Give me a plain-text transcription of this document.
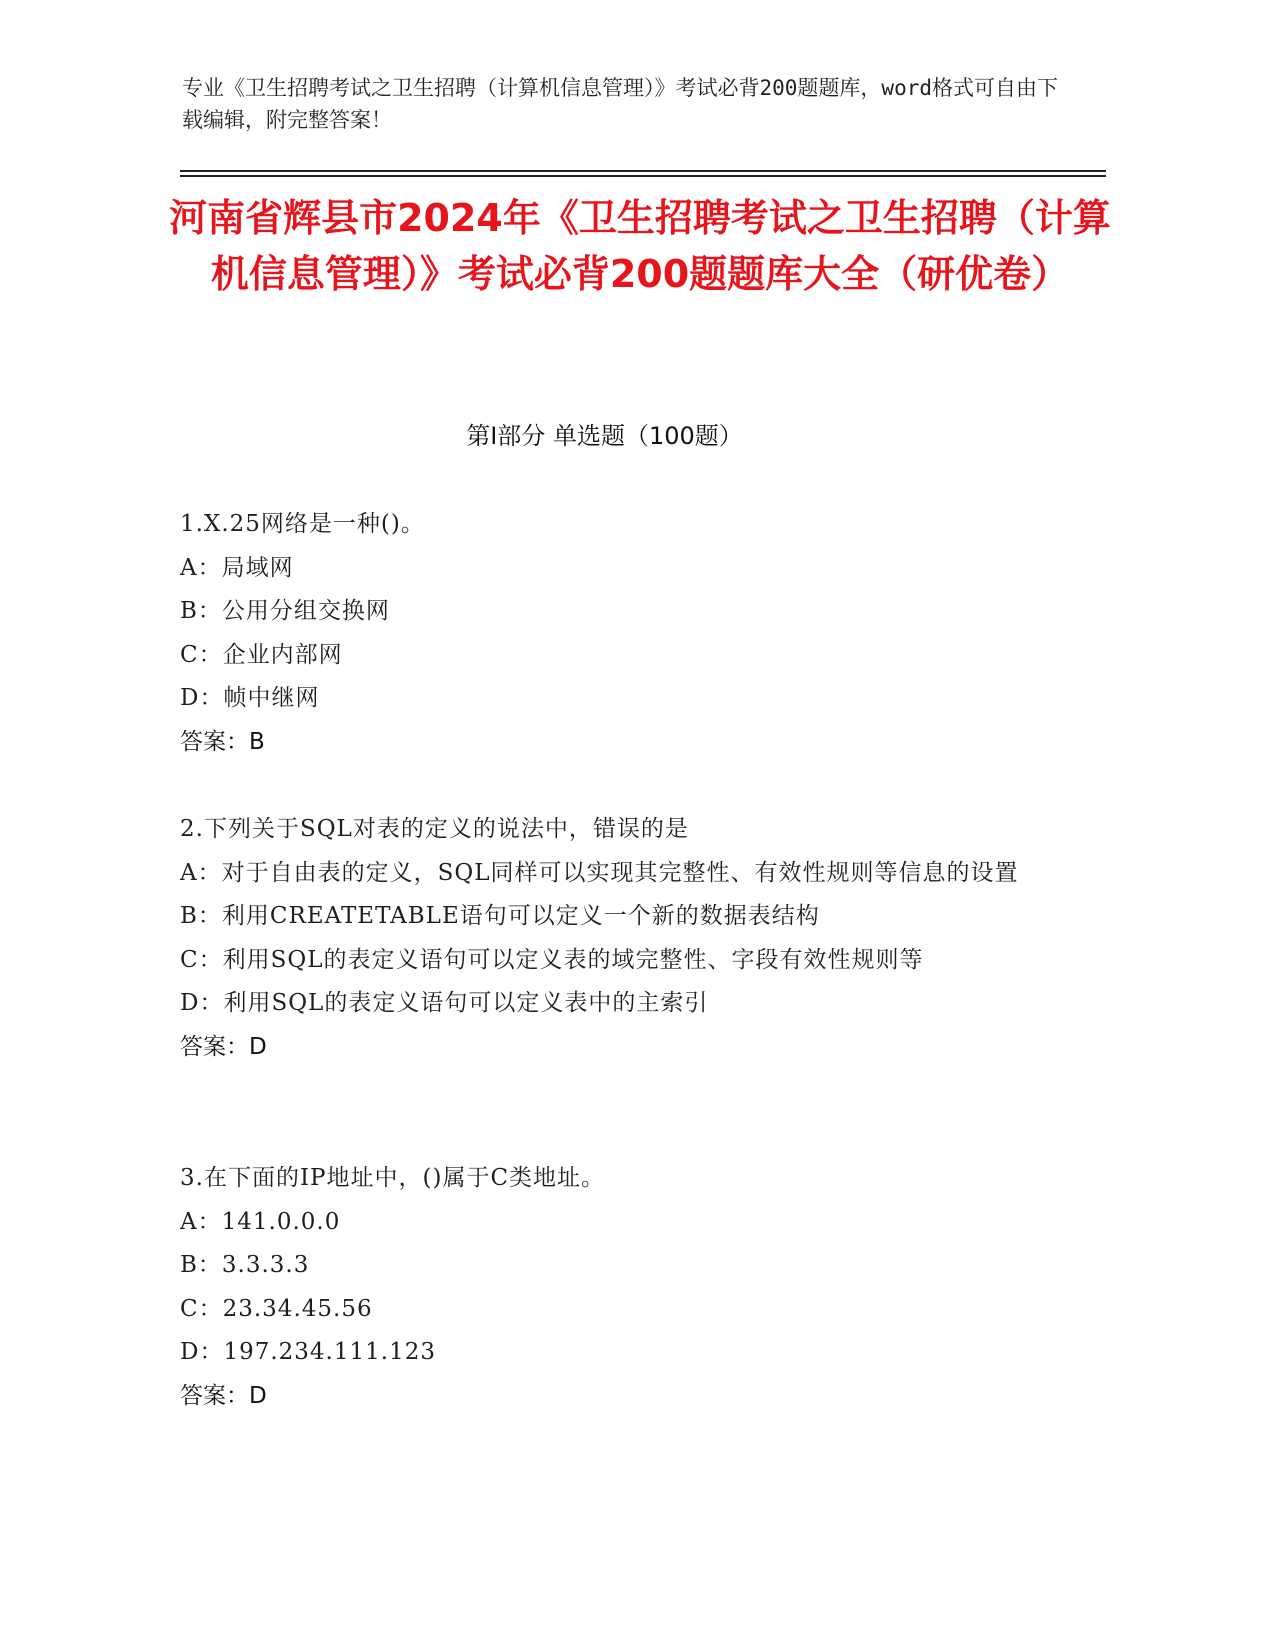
专业《卫生招聘考试之卫生招聘（计算机信息管理）》考试必背200题题库，word格式可自由下载编辑，附完整答案！
河南省辉县市2024年《卫生招聘考试之卫生招聘（计算机信息管理）》考试必背200题题库大全（研优卷）
第Ⅰ部分 单选题（100题）
1.X.25网络是一种()。
A：局域网
B：公用分组交换网
C：企业内部网
D：帧中继网
答案：B
2.下列关于SQL对表的定义的说法中，错误的是
A：对于自由表的定义，SQL同样可以实现其完整性、有效性规则等信息的设置
B：利用CREATETABLE语句可以定义一个新的数据表结构
C：利用SQL的表定义语句可以定义表的域完整性、字段有效性规则等
D：利用SQL的表定义语句可以定义表中的主索引
答案：D
3.在下面的IP地址中，()属于C类地址。
A：141.0.0.0
B：3.3.3.3
C：23.34.45.56
D：197.234.111.123
答案：D
